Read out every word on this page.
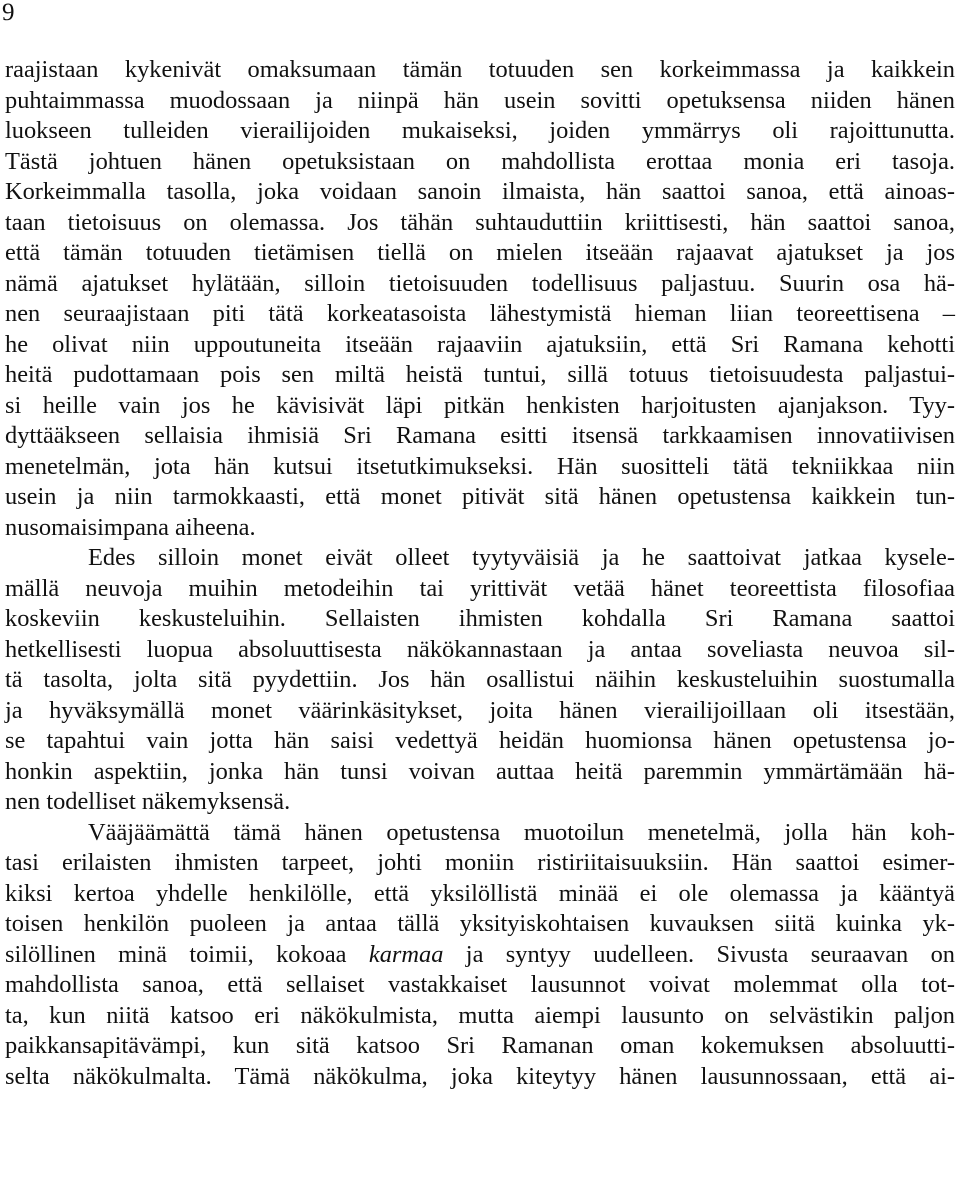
9
raajistaan kykenivät omaksumaan tämän totuuden sen korkeimmassa ja kaikkein
puhtaimmassa muodossaan ja niinpä hän usein sovitti opetuksensa niiden hänen
luokseen tulleiden vierailijoiden mukaiseksi, joiden ymmärrys oli rajoittunutta.
Tästä johtuen hänen opetuksistaan on mahdollista erottaa monia eri tasoja.
Korkeimmalla tasolla, joka voidaan sanoin ilmaista, hän saattoi sanoa, että ainoas-
taan tietoisuus on olemassa. Jos tähän suhtauduttiin kriittisesti, hän saattoi sanoa,
että tämän totuuden tietämisen tiellä on mielen itseään rajaavat ajatukset ja jos
nämä ajatukset hylätään, silloin tietoisuuden todellisuus paljastuu. Suurin osa hä-
nen seuraajistaan piti tätä korkeatasoista lähestymistä hieman liian teoreettisena –
he olivat niin uppoutuneita itseään rajaaviin ajatuksiin, että Sri Ramana kehotti
heitä pudottamaan pois sen miltä heistä tuntui, sillä totuus tietoisuudesta paljastui-
si heille vain jos he kävisivät läpi pitkän henkisten harjoitusten ajanjakson. Tyy-
dyttääkseen sellaisia ihmisiä Sri Ramana esitti itsensä tarkkaamisen innovatiivisen
menetelmän, jota hän kutsui itsetutkimukseksi. Hän suositteli tätä tekniikkaa niin
usein ja niin tarmokkaasti, että monet pitivät sitä hänen opetustensa kaikkein tun-
nusomaisimpana aiheena.
Edes silloin monet eivät olleet tyytyväisiä ja he saattoivat jatkaa kysele-
mällä neuvoja muihin metodeihin tai yrittivät vetää hänet teoreettista filosofiaa
koskeviin keskusteluihin. Sellaisten ihmisten kohdalla Sri Ramana saattoi
hetkellisesti luopua absoluuttisesta näkökannastaan ja antaa soveliasta neuvoa sil-
tä tasolta, jolta sitä pyydettiin. Jos hän osallistui näihin keskusteluihin suostumalla
ja hyväksymällä monet väärinkäsitykset, joita hänen vierailijoillaan oli itsestään,
se tapahtui vain jotta hän saisi vedettyä heidän huomionsa hänen opetustensa jo-
honkin aspektiin, jonka hän tunsi voivan auttaa heitä paremmin ymmärtämään hä-
nen todelliset näkemyksensä.
Vääjäämättä tämä hänen opetustensa muotoilun menetelmä, jolla hän koh-
tasi erilaisten ihmisten tarpeet, johti moniin ristiriitaisuuksiin. Hän saattoi esimer-
kiksi kertoa yhdelle henkilölle, että yksilöllistä minää ei ole olemassa ja kääntyä
toisen henkilön puoleen ja antaa tällä yksityiskohtaisen kuvauksen siitä kuinka yk-
silöllinen minä toimii, kokoaa karmaa ja syntyy uudelleen. Sivusta seuraavan on
mahdollista sanoa, että sellaiset vastakkaiset lausunnot voivat molemmat olla tot-
ta, kun niitä katsoo eri näkökulmista, mutta aiempi lausunto on selvästikin paljon
paikkansapitävämpi, kun sitä katsoo Sri Ramanan oman kokemuksen absoluutti-
selta näkökulmalta. Tämä näkökulma, joka kiteytyy hänen lausunnossaan, että ai-
